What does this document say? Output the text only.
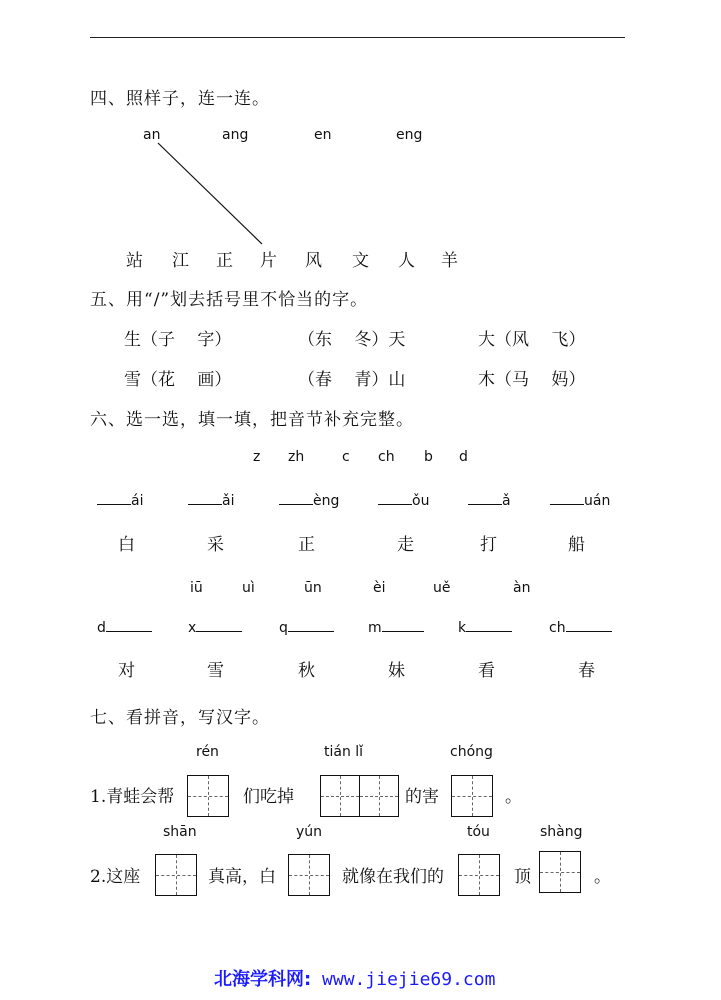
四、照样子，连一连。
an	ang	en	eng
站 江 正 片 风 文 人 羊
五、用“/”划去括号里不恰当的字。
生（子　 字）	（东　 冬）天	大（风　 飞）
雪（花　 画）	（春　 青）山	木（马　 妈）
六、选一选，填一填，把音节补充完整。
z zh	c ch b d
ái	ǎi	èng	ǒu	ǎ	uán
白	采	正	走	打	船
iū	uì	ūn	èi	uě	àn
d	x	q	m	k	ch
对	雪	秋	妹	看	春
七、看拼音，写汉字。
rén	tián lǐ	chóng
1.青蛙会帮	们吃掉	的害	。
shān	yún	tóu	shàng
2.这座	真高，白	就像在我们的	顶	。
北海学科网: www.jiejie69.com
